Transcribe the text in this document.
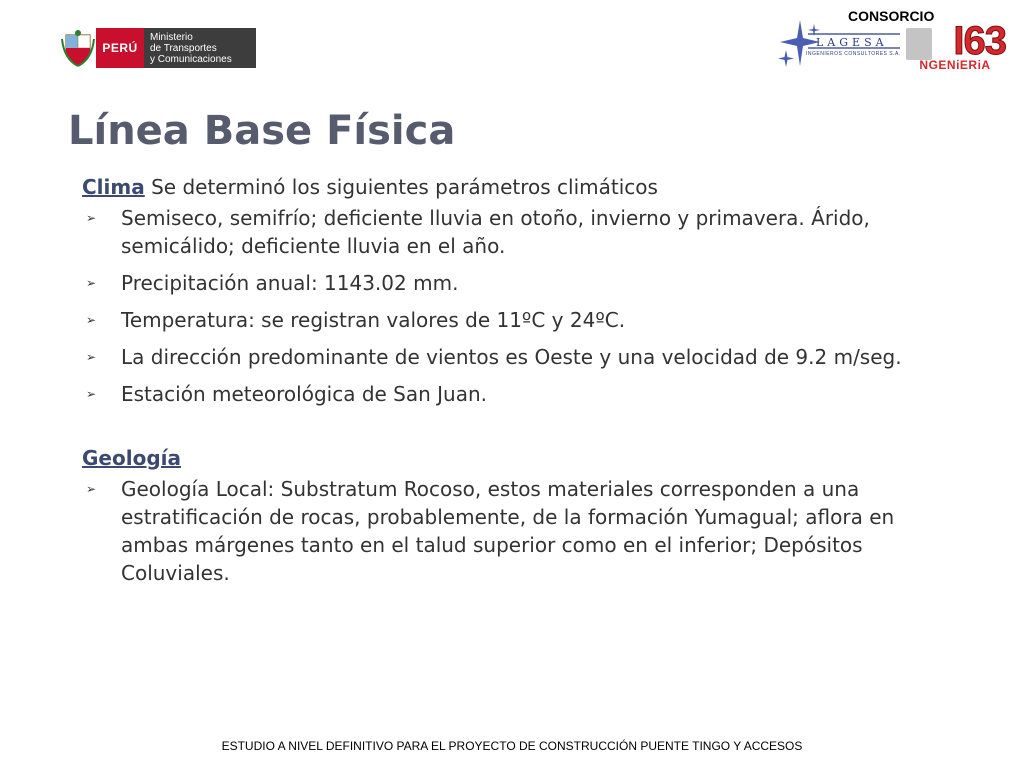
PERÚ
Ministerio
de Transportes
y Comunicaciones
CONSORCIO
LAGESA
INGENIEROS CONSULTORES S.A.	I63
NGENiERiA
Línea Base Física
Clima Se determinó los siguientes parámetros climáticos
➢ Semiseco, semifrío; deficiente lluvia en otoño, invierno y primavera. Árido, semicálido; deficiente lluvia en el año.
➢ Precipitación anual: 1143.02 mm.
➢ Temperatura: se registran valores de 11ºC y 24ºC.
➢ La dirección predominante de vientos es Oeste y una velocidad de 9.2 m/seg.
➢ Estación meteorológica de San Juan.
Geología
➢ Geología Local: Substratum Rocoso, estos materiales corresponden a una estratificación de rocas, probablemente, de la formación Yumagual; aflora en ambas márgenes tanto en el talud superior como en el inferior; Depósitos Coluviales.
ESTUDIO A NIVEL DEFINITIVO PARA EL PROYECTO DE CONSTRUCCIÓN PUENTE TINGO Y ACCESOS
